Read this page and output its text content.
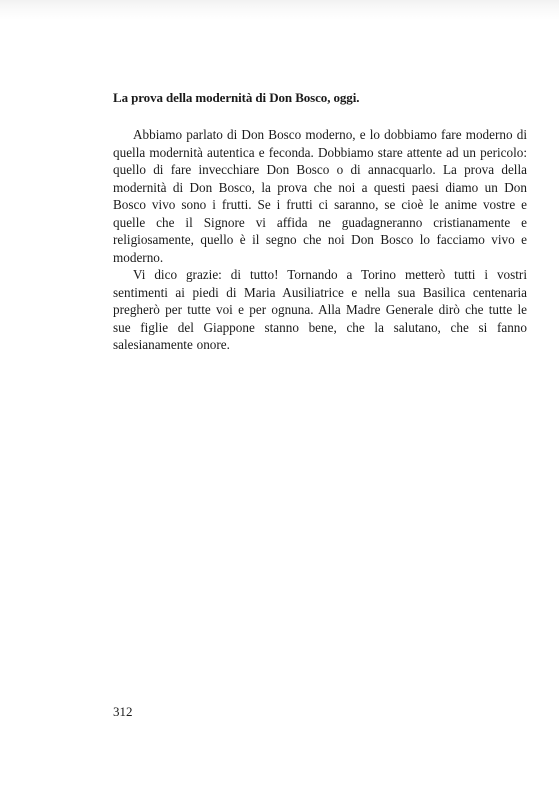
La prova della modernità di Don Bosco, oggi.

Abbiamo parlato di Don Bosco moderno, e lo dobbiamo fare moderno di quella modernità autentica e feconda. Dobbiamo stare attente ad un pericolo: quello di fare invecchiare Don Bosco o di annacquarlo. La prova della modernità di Don Bosco, la prova che noi a questi paesi diamo un Don Bosco vivo sono i frutti. Se i frutti ci saranno, se cioè le anime vostre e quelle che il Signore vi affida ne guadagneranno cristianamente e religiosamente, quello è il segno che noi Don Bosco lo facciamo vivo e moderno.

Vi dico grazie: di tutto! Tornando a Torino metterò tutti i vostri sentimenti ai piedi di Maria Ausiliatrice e nella sua Basilica centenaria pregherò per tutte voi e per ognuna. Alla Madre Generale dirò che tutte le sue figlie del Giappone stanno bene, che la salutano, che si fanno salesianamente onore.

312
